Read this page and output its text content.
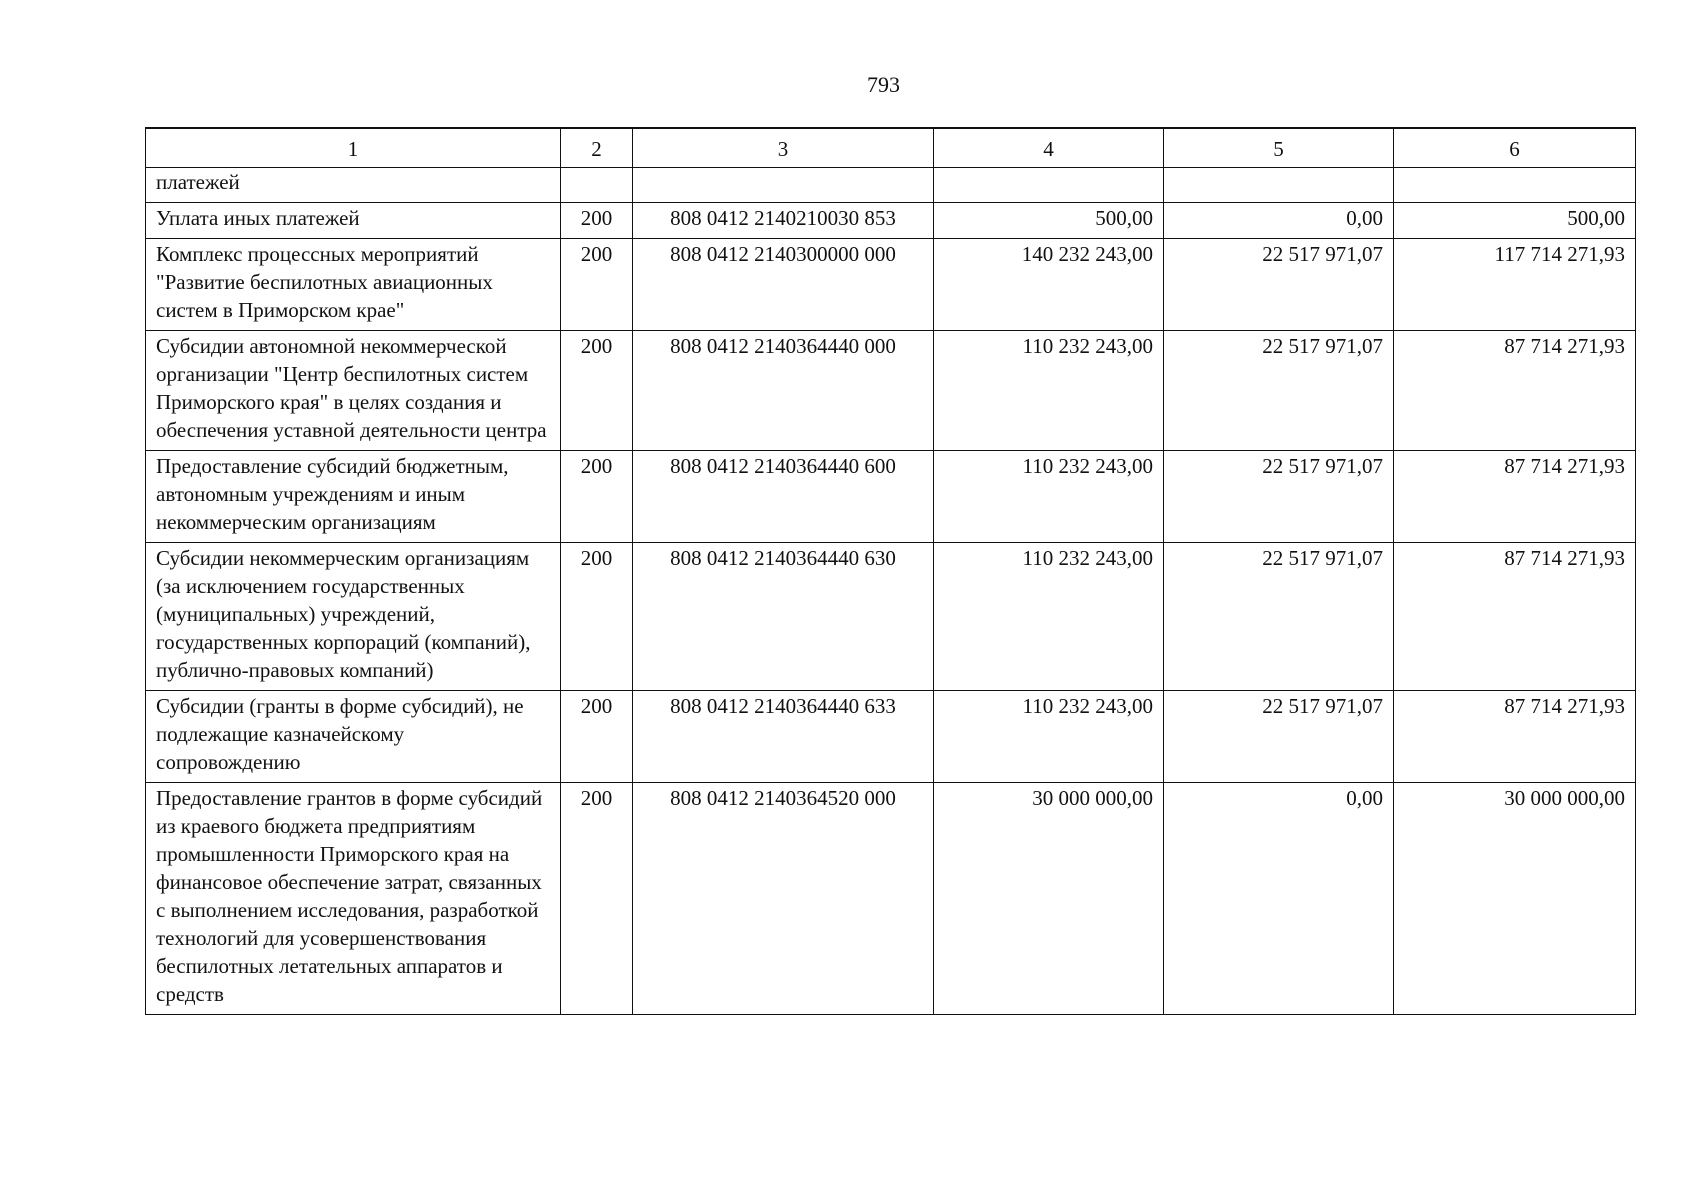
793
1	2	3	4	5	6
платежей					
Уплата иных платежей	200	808 0412 2140210030 853	500,00	0,00	500,00
Комплекс процессных мероприятий "Развитие беспилотных авиационных систем в Приморском крае"	200	808 0412 2140300000 000	140 232 243,00	22 517 971,07	117 714 271,93
Субсидии автономной некоммерческой организации "Центр беспилотных систем Приморского края" в целях создания и обеспечения уставной деятельности центра	200	808 0412 2140364440 000	110 232 243,00	22 517 971,07	87 714 271,93
Предоставление субсидий бюджетным, автономным учреждениям и иным некоммерческим организациям	200	808 0412 2140364440 600	110 232 243,00	22 517 971,07	87 714 271,93
Субсидии некоммерческим организациям (за исключением государственных (муниципальных) учреждений, государственных корпораций (компаний), публично-правовых компаний)	200	808 0412 2140364440 630	110 232 243,00	22 517 971,07	87 714 271,93
Субсидии (гранты в форме субсидий), не подлежащие казначейскому сопровождению	200	808 0412 2140364440 633	110 232 243,00	22 517 971,07	87 714 271,93
Предоставление грантов в форме субсидий из краевого бюджета предприятиям промышленности Приморского края на финансовое обеспечение затрат, связанных с выполнением исследования, разработкой технологий для усовершенствования беспилотных летательных аппаратов и средств	200	808 0412 2140364520 000	30 000 000,00	0,00	30 000 000,00
